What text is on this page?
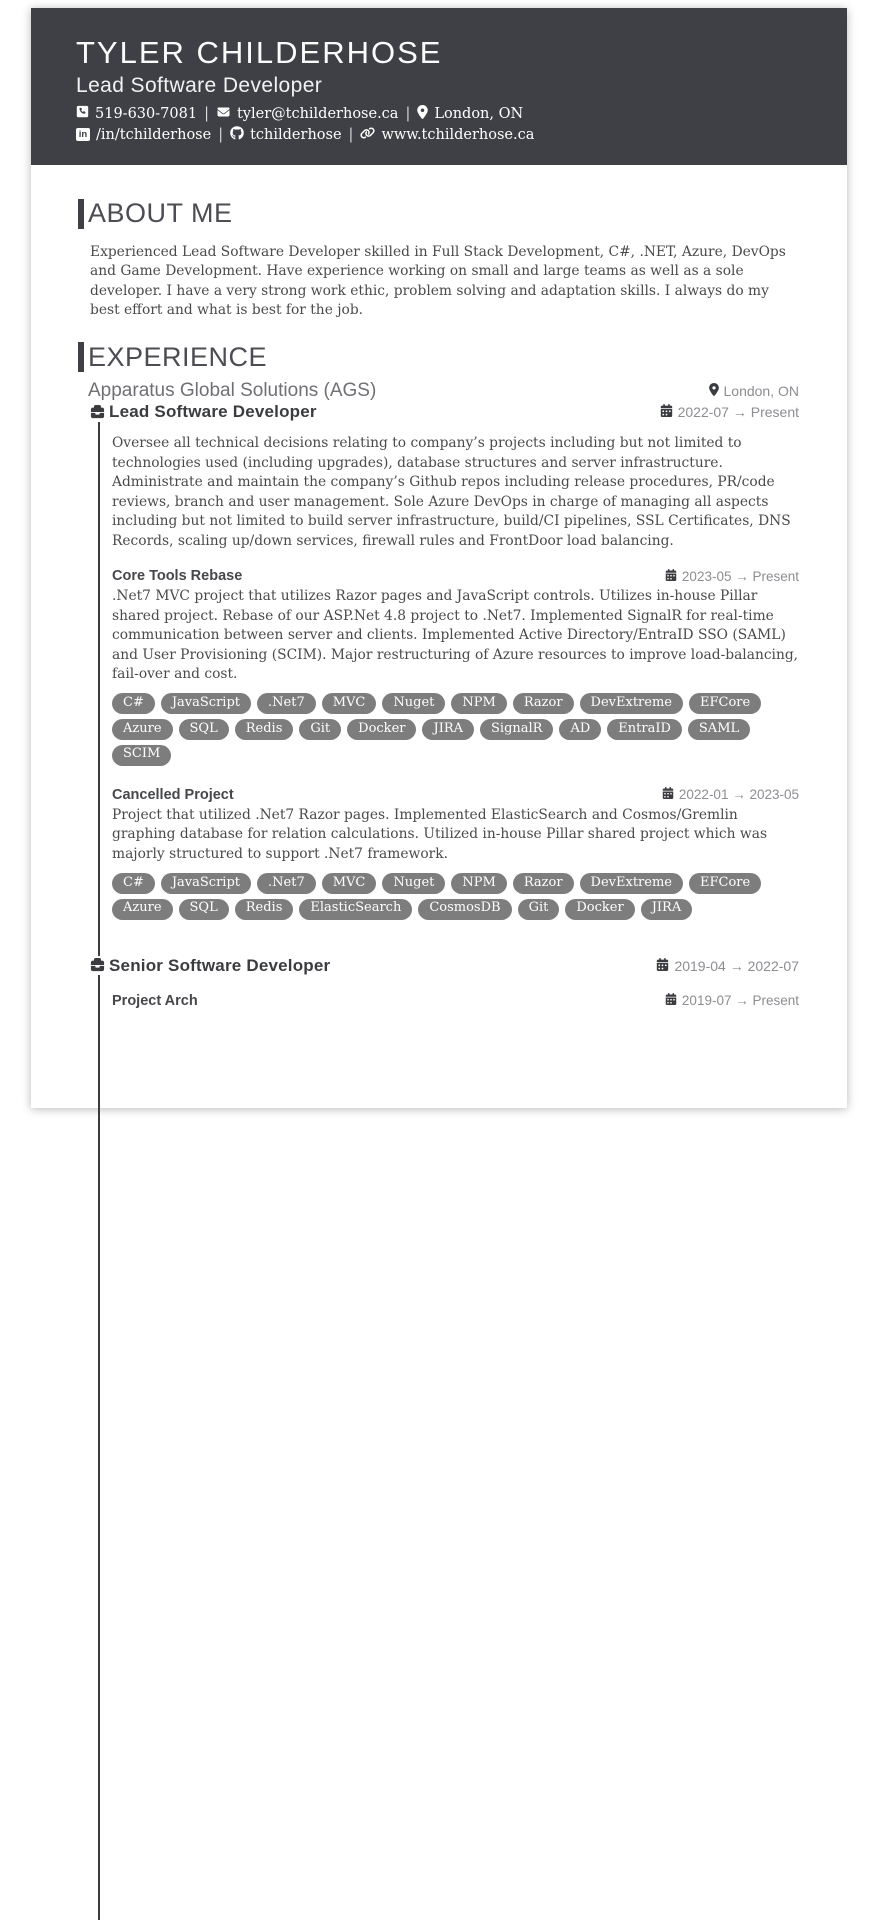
TYLER CHILDERHOSE
Lead Software Developer
519-630-7081 | tyler@tchilderhose.ca | London, ON
in /in/tchilderhose | tchilderhose | www.tchilderhose.ca
ABOUT ME

Experienced Lead Software Developer skilled in Full Stack Development, C#, .NET, Azure, DevOps and Game Development. Have experience working on small and large teams as well as a sole developer. I have a very strong work ethic, problem solving and adaptation skills. I always do my best effort and what is best for the job.

EXPERIENCE
Apparatus Global Solutions (AGS)	London, ON
Lead Software Developer	2022-07 → Present

Oversee all technical decisions relating to company’s projects including but not limited to technologies used (including upgrades), database structures and server infrastructure. Administrate and maintain the company’s Github repos including release procedures, PR/code reviews, branch and user management. Sole Azure DevOps in charge of managing all aspects including but not limited to build server infrastructure, build/CI pipelines, SSL Certificates, DNS Records, scaling up/down services, firewall rules and FrontDoor load balancing.

Core Tools Rebase	2023-05 → Present

.Net7 MVC project that utilizes Razor pages and JavaScript controls. Utilizes in-house Pillar shared project. Rebase of our ASP.Net 4.8 project to .Net7. Implemented SignalR for real-time communication between server and clients. Implemented Active Directory/EntraID SSO (SAML) and User Provisioning (SCIM). Major restructuring of Azure resources to improve load-balancing, fail-over and cost.

C#	JavaScript	.Net7	MVC	Nuget	NPM	Razor	DevExtreme	EFCore
Azure	SQL	Redis	Git	Docker	JIRA	SignalR	AD	EntraID	SAML
SCIM
Cancelled Project	2022-01 → 2023-05

Project that utilized .Net7 Razor pages. Implemented ElasticSearch and Cosmos/Gremlin graphing database for relation calculations. Utilized in-house Pillar shared project which was majorly structured to support .Net7 framework.

C#	JavaScript	.Net7	MVC	Nuget	NPM	Razor	DevExtreme	EFCore
Azure	SQL	Redis	ElasticSearch	CosmosDB	Git	Docker	JIRA
Senior Software Developer	2019-04 → 2022-07
Project Arch	2019-07 → Present
